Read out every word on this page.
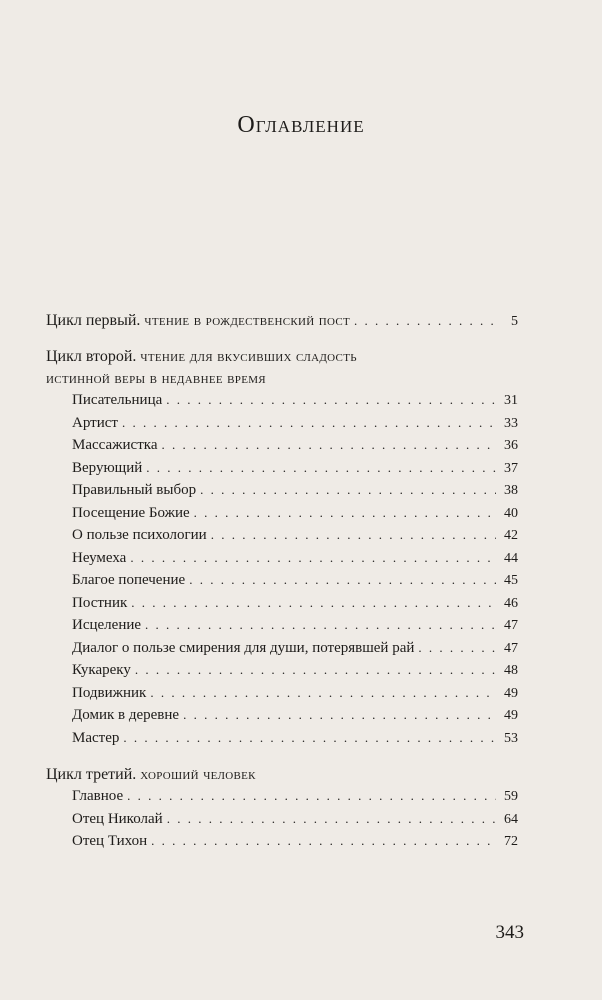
Оглавление
Цикл первый. чтение в рождественский пост . . .	5
Цикл второй. чтение для вкусивших сладость
истинной веры в недавнее время
Писательница . . .	31
Артист . . .	33
Массажистка . . .	36
Верующий . . .	37
Правильный выбор . . .	38
Посещение Божие . . .	40
О пользе психологии . . .	42
Неумеха . . .	44
Благое попечение . . .	45
Постник . . .	46
Исцеление . . .	47
Диалог о пользе смирения для души, потерявшей рай . . .	47
Кукареку . . .	48
Подвижник . . .	49
Домик в деревне . . .	49
Мастер . . .	53
Цикл третий. хороший человек
Главное . . .	59
Отец Николай . . .	64
Отец Тихон . . .	72
343
